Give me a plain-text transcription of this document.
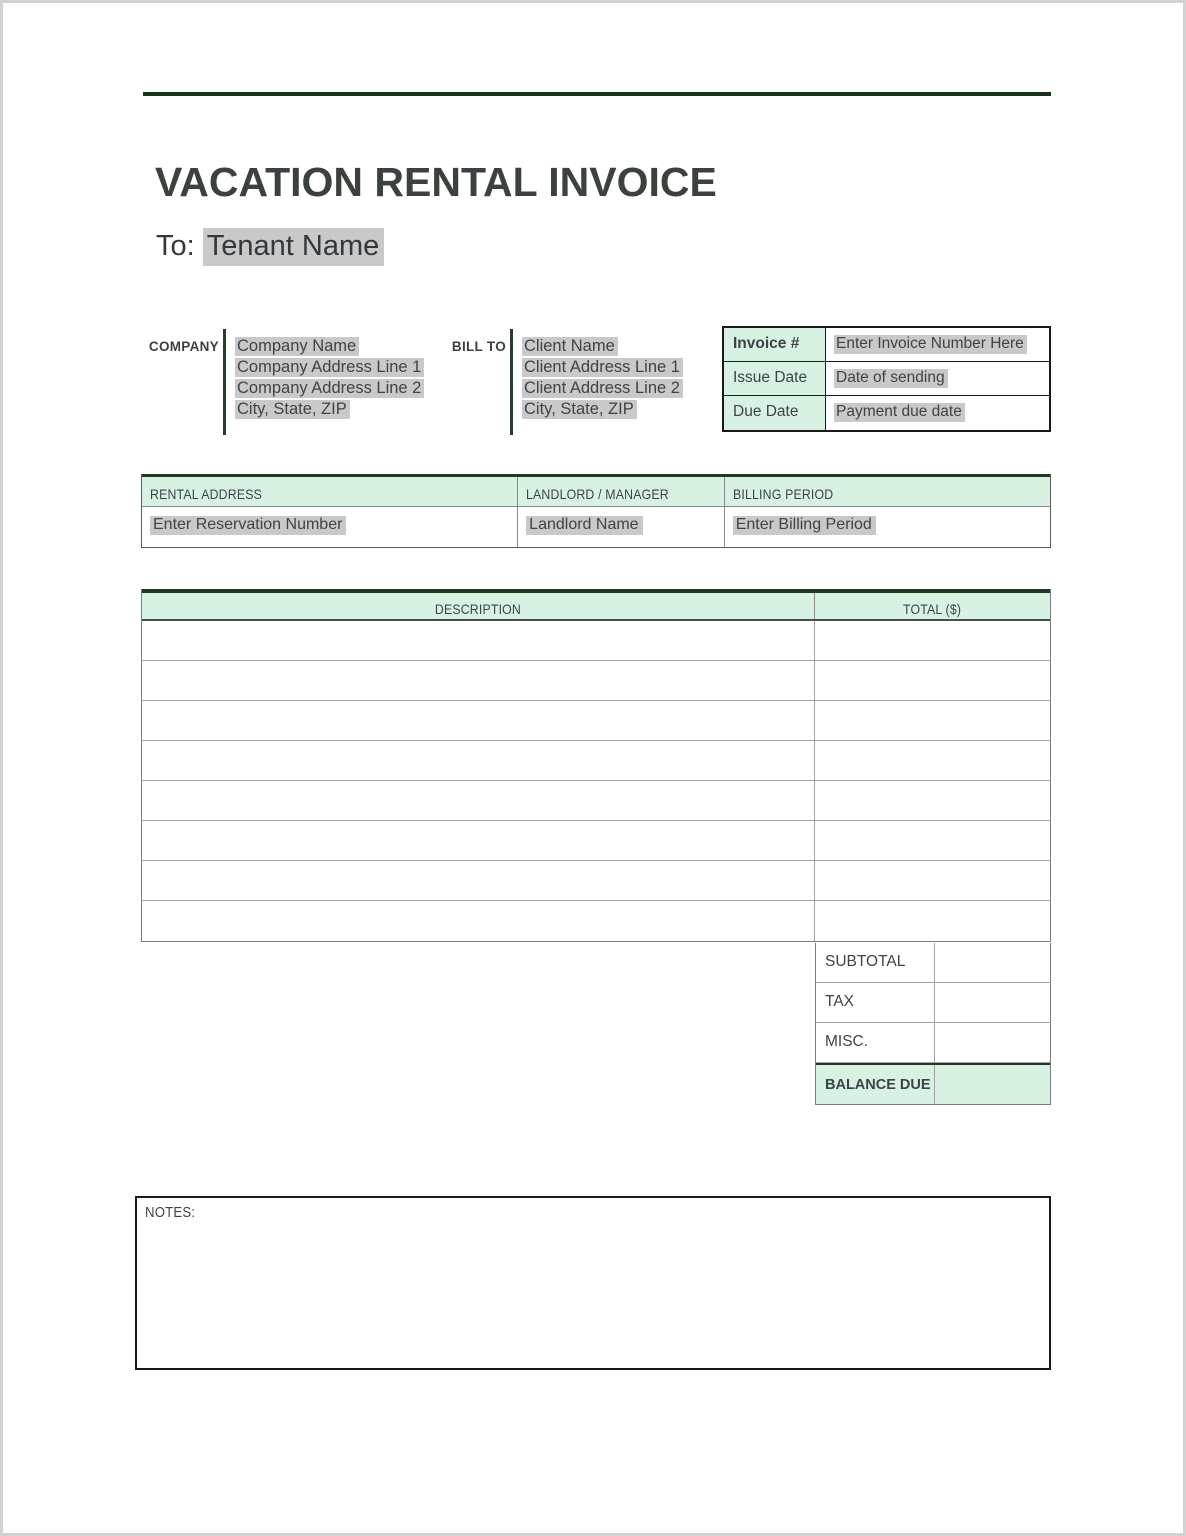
VACATION RENTAL INVOICE
To: Tenant Name
COMPANY Company Name
Company Address Line 1
Company Address Line 2
City, State, ZIP
BILL TO Client Name
Client Address Line 1
Client Address Line 2
City, State, ZIP
Invoice #	Enter Invoice Number Here
Issue Date	Date of sending
Due Date	Payment due date
RENTAL ADDRESS	LANDLORD / MANAGER	BILLING PERIOD
Enter Reservation Number	Landlord Name	Enter Billing Period
DESCRIPTION	TOTAL ($)
SUBTOTAL
TAX
MISC.
BALANCE DUE
NOTES:
